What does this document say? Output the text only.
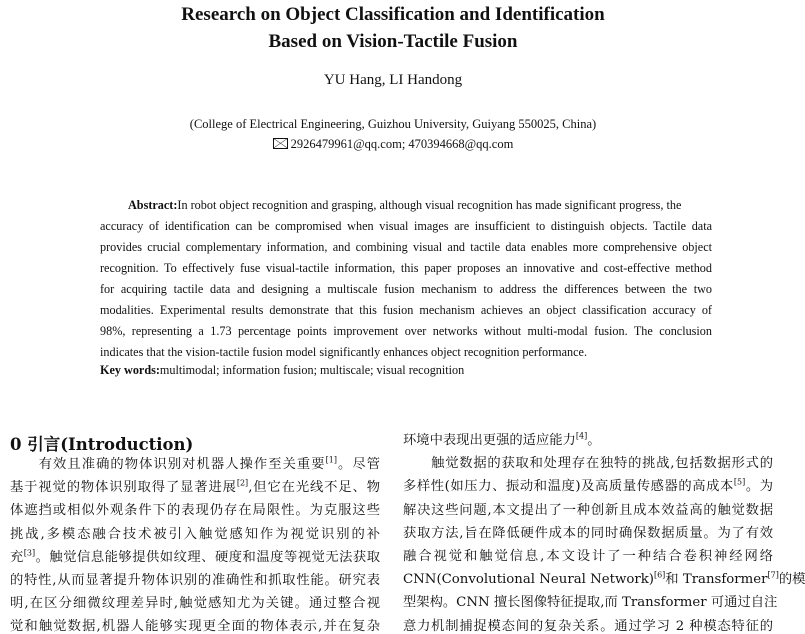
Research on Object Classification and Identification
Based on Vision-Tactile Fusion
YU Hang, LI Handong
(College of Electrical Engineering, Guizhou University, Guiyang 550025, China)
2926479961@qq.com; 470394668@qq.com
Abstract:In robot object recognition and grasping, although visual recognition has made significant progress, the
accuracy of identification can be compromised when visual images are insufficient to distinguish objects. Tactile data
provides crucial complementary information, and combining visual and tactile data enables more comprehensive object
recognition. To effectively fuse visual-tactile information, this paper proposes an innovative and cost-effective method
for acquiring tactile data and designing a multiscale fusion mechanism to address the differences between the two
modalities. Experimental results demonstrate that this fusion mechanism achieves an object classification accuracy of
98%, representing a 1.73 percentage points improvement over networks without multi-modal fusion. The conclusion
indicates that the vision-tactile fusion model significantly enhances object recognition performance.
Key words:multimodal; information fusion; multiscale; visual recognition
0 引言(Introduction)
　　有效且准确的物体识别对机器人操作至关重要[1]。尽管
基于视觉的物体识别取得了显著进展[2],但它在光线不足、物
体遮挡或相似外观条件下的表现仍存在局限性。为克服这些
挑战,多模态融合技术被引入触觉感知作为视觉识别的补
充[3]。触觉信息能够提供如纹理、硬度和温度等视觉无法获取
的特性,从而显著提升物体识别的准确性和抓取性能。研究表
明,在区分细微纹理差异时,触觉感知尤为关键。通过整合视
觉和触觉数据,机器人能够实现更全面的物体表示,并在复杂
环境中表现出更强的适应能力[4]。
　　触觉数据的获取和处理存在独特的挑战,包括数据形式的
多样性(如压力、振动和温度)及高质量传感器的高成本[5]。为
解决这些问题,本文提出了一种创新且成本效益高的触觉数据
获取方法,旨在降低硬件成本的同时确保数据质量。为了有效
融合视觉和触觉信息,本文设计了一种结合卷积神经网络
CNN(Convolutional Neural Network)[6]和 Transformer[7]的模
型架构。CNN 擅长图像特征提取,而 Transformer 可通过自注
意力机制捕捉模态间的复杂关系。通过学习 2 种模态特征的
